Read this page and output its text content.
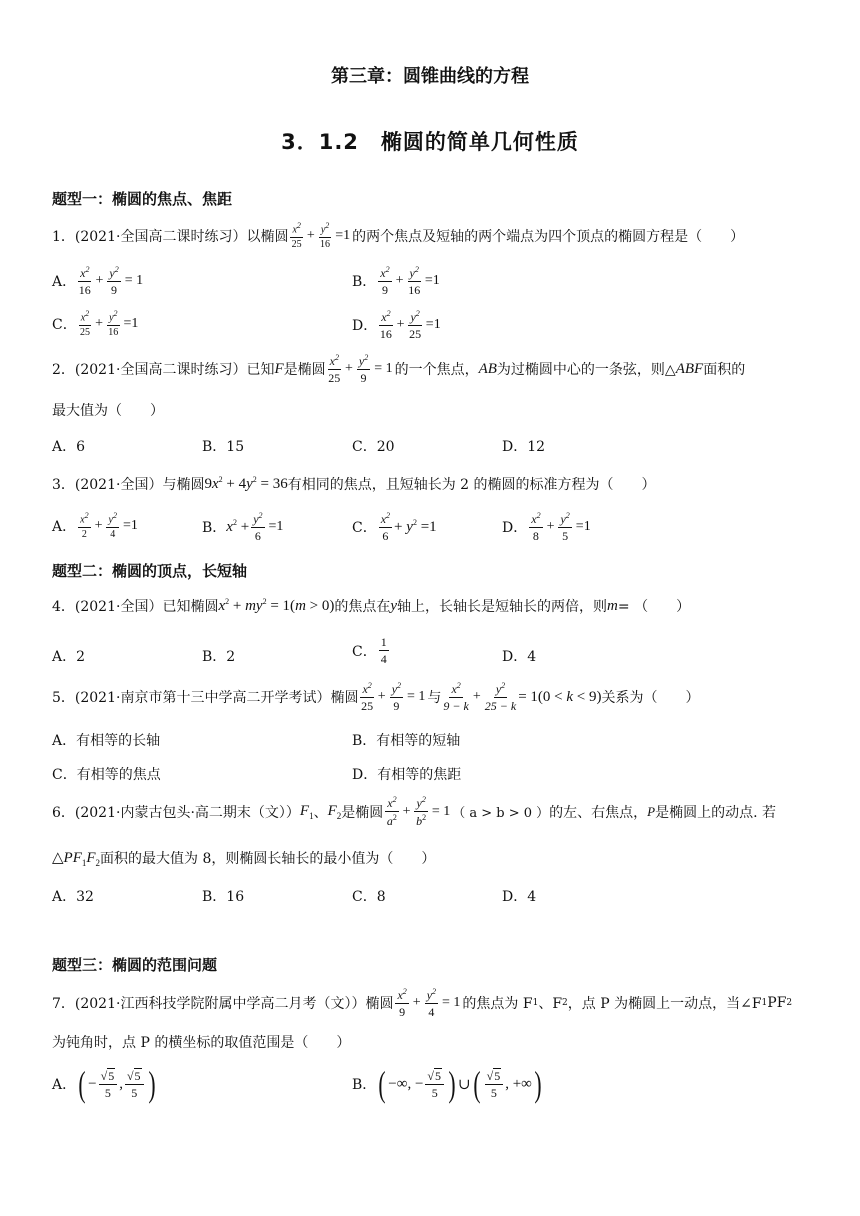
第三章：圆锥曲线的方程
3．1.2　椭圆的简单几何性质
题型一：椭圆的焦点、焦距
1．(2021·全国高二课时练习）以椭圆 $\frac{x^2}{25} + \frac{y^2}{16} =1$ 的两个焦点及短轴的两个端点为四个顶点的椭圆方程是（　　）
A． $\frac{x^2}{16} + \frac{y^2}{9} = 1$	B． $\frac{x^2}{9} + \frac{y^2}{16} =1$
C． $\frac{x^2}{25} + \frac{y^2}{16} =1$	D． $\frac{x^2}{16} + \frac{y^2}{25} =1$
2．(2021·全国高二课时练习）已知 F 是椭圆 $\frac{x^2}{25} + \frac{y^2}{9} = 1$ 的一个焦点， AB 为过椭圆中心的一条弦，则△ ABF 面积的
最大值为（　　）
A．6	B．15	C．20	D．12
3．(2021·全国）与椭圆 $9x^2 + 4y^2 = 36$ 有相同的焦点，且短轴长为 2 的椭圆的标准方程为（　　）
A． $\frac{x^2}{2} + \frac{y^2}{4} =1$	B． $x^2 + \frac{y^2}{6} =1$	C． $\frac{x^2}{6} + y^2 =1$	D． $\frac{x^2}{8} + \frac{y^2}{5} =1$
题型二：椭圆的顶点，长短轴
4．(2021·全国）已知椭圆 $x^2 + my^2 = 1(m > 0)$ 的焦点在 y 轴上，长轴长是短轴长的两倍，则 m = （　　）
A．2	B．2	C． $\frac{1}{4}$	D．4
5．(2021·南京市第十三中学高二开学考试）椭圆 $\frac{x^2}{25} + \frac{y^2}{9} = 1$ 与 $\frac{x^2}{9 - k} + \frac{y^2}{25 - k} = 1(0 < k < 9)$ 关系为（　　）
A．有相等的长轴	B．有相等的短轴
C．有相等的焦点	D．有相等的焦距
6．(2021·内蒙古包头·高二期末（文）） $F_1$ 、 $F_2$ 是椭圆 $\frac{x^2}{a^2} + \frac{y^2}{b^2} = 1$ （ a > b > 0 ） 的左、右焦点， P 是椭圆上的动点. 若
$\triangle PF_1F_2$ 面积的最大值为 8，则椭圆长轴长的最小值为（　　）
A．32	B．16	C．8	D．4
题型三：椭圆的范围问题
7．(2021·江西科技学院附属中学高二月考（文））椭圆 $\frac{x^2}{9} + \frac{y^2}{4} = 1$ 的焦点为 F 1 、F 2 ，点 P 为椭圆上一动点，当∠F 1 PF 2
为钝角时，点 P 的横坐标的取值范围是（　　）
A． ( − $\frac{√5}{5}$ , $\frac{√5}{5}$ )	B． ( −∞, − $\frac{√5}{5}$ ) ∪ ( $\frac{√5}{5}$ , +∞ )
